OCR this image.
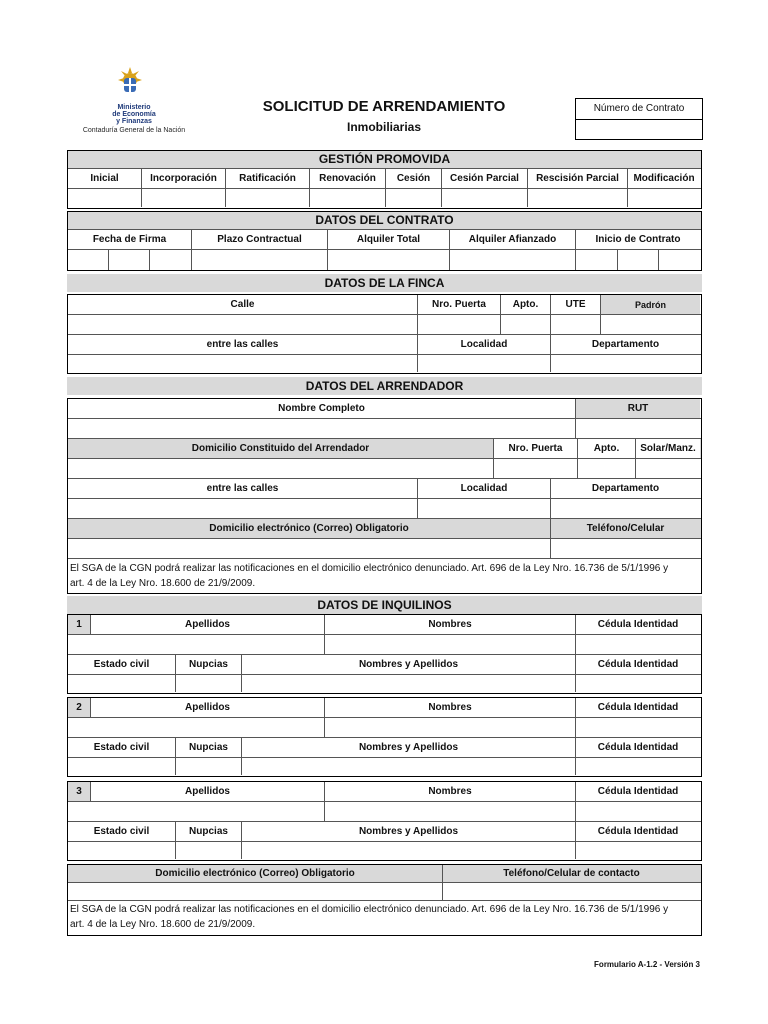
Ministerio
de Economía
y Finanzas
Contaduría General de la Nación
SOLICITUD DE ARRENDAMIENTO
Inmobiliarias
Número de Contrato
GESTIÓN PROMOVIDA
Inicial	Incorporación	Ratificación	Renovación	Cesión	Cesión Parcial	Rescisión Parcial	Modificación
DATOS DEL CONTRATO
Fecha de Firma	Plazo Contractual	Alquiler Total	Alquiler Afianzado	Inicio de Contrato
DATOS DE LA FINCA
Calle	Nro. Puerta	Apto.	UTE	Padrón
entre las calles	Localidad	Departamento
DATOS DEL ARRENDADOR
Nombre Completo	RUT
Domicilio Constituido del Arrendador	Nro. Puerta	Apto.	Solar/Manz.
entre las calles	Localidad	Departamento
Domicilio electrónico (Correo) Obligatorio	Teléfono/Celular
El SGA de la CGN podrá realizar las notificaciones en el domicilio electrónico denunciado. Art. 696 de la Ley Nro. 16.736 de 5/1/1996 y
art. 4 de la Ley Nro. 18.600 de 21/9/2009.
DATOS DE INQUILINOS
1	Apellidos	Nombres	Cédula Identidad
Estado civil	Nupcias	Nombres y Apellidos	Cédula Identidad
2	Apellidos	Nombres	Cédula Identidad
Estado civil	Nupcias	Nombres y Apellidos	Cédula Identidad
3	Apellidos	Nombres	Cédula Identidad
Estado civil	Nupcias	Nombres y Apellidos	Cédula Identidad
Domicilio electrónico (Correo) Obligatorio	Teléfono/Celular de contacto
El SGA de la CGN podrá realizar las notificaciones en el domicilio electrónico denunciado. Art. 696 de la Ley Nro. 16.736 de 5/1/1996 y
art. 4 de la Ley Nro. 18.600 de 21/9/2009.
Formulario A-1.2 - Versión 3
